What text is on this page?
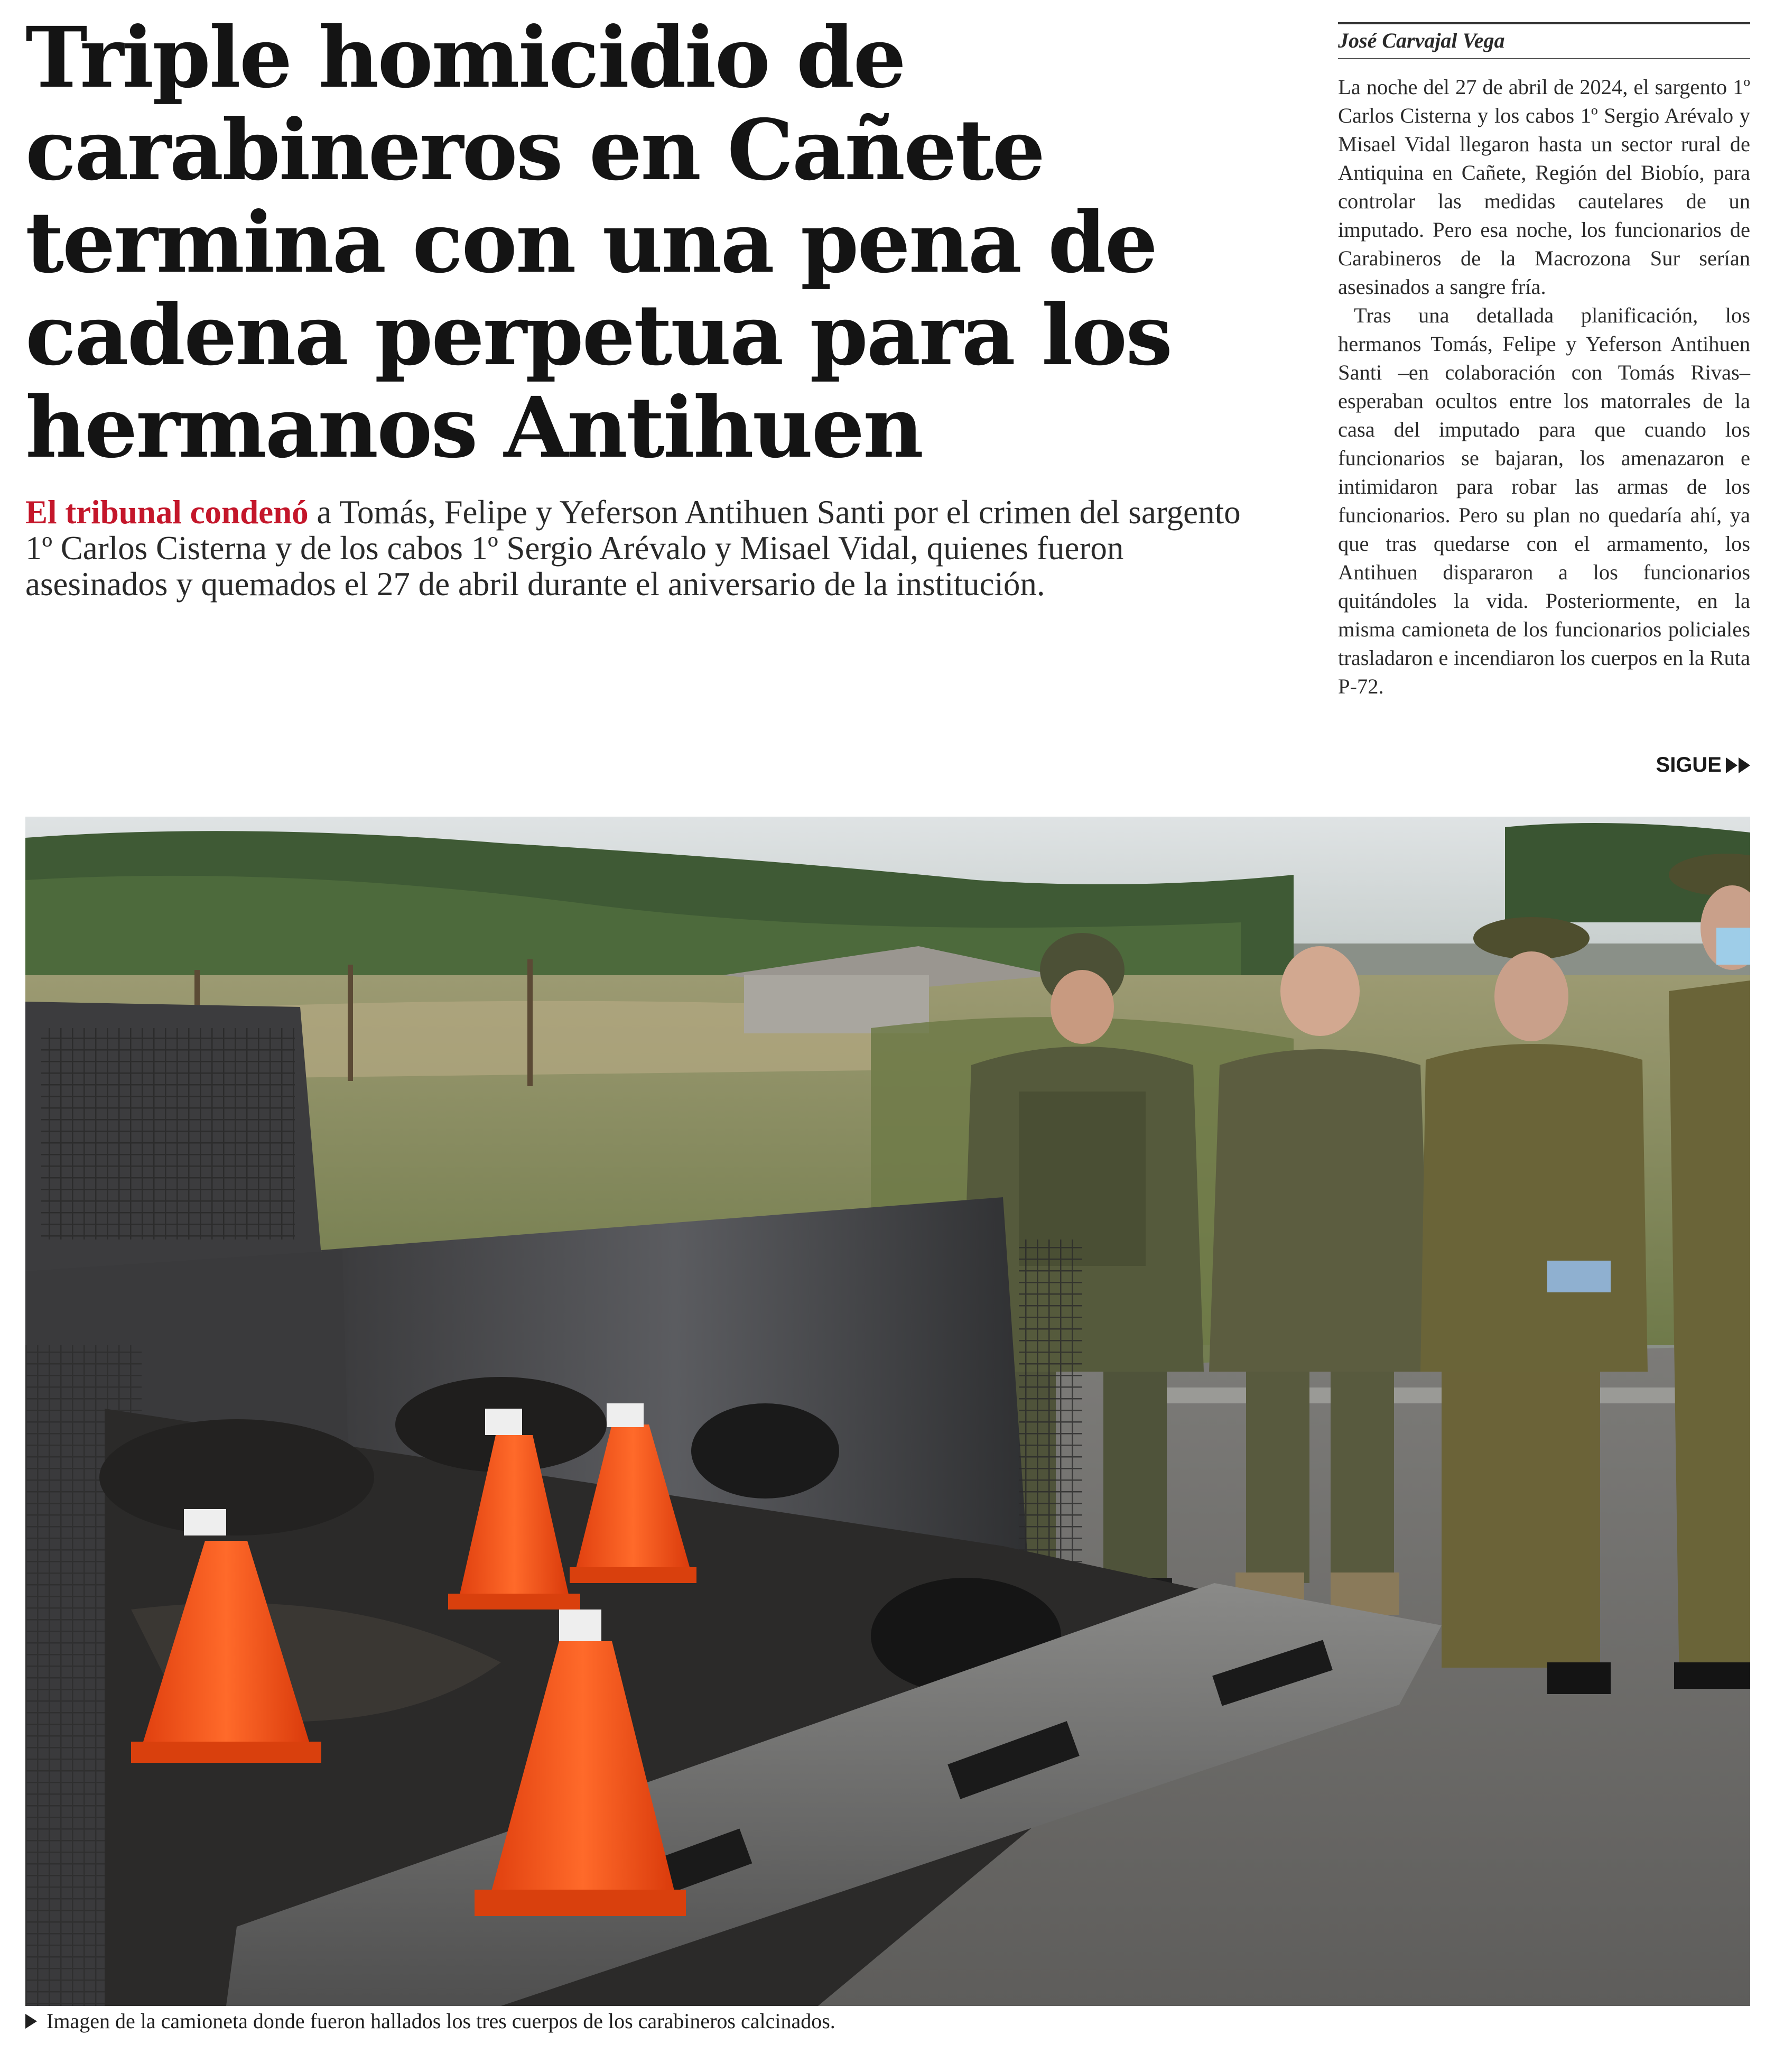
Triple homicidio de carabineros en Cañete termina con una pena de cadena perpetua para los hermanos Antihuen

El tribunal condenó a Tomás, Felipe y Yeferson Antihuen Santi por el crimen del sargento 1º Carlos Cisterna y de los cabos 1º Sergio Arévalo y Misael Vidal, quienes fueron asesinados y quemados el 27 de abril durante el aniversario de la institución.

José Carvajal Vega

La noche del 27 de abril de 2024, el sargento 1º Carlos Cisterna y los cabos 1º Sergio Arévalo y Misael Vidal llegaron hasta un sector rural de Antiquina en Cañete, Región del Biobío, para controlar las medidas cautelares de un imputado. Pero esa noche, los funcionarios de Carabineros de la Macrozona Sur serían asesinados a sangre fría.

Tras una detallada planificación, los hermanos Tomás, Felipe y Yeferson Antihuen Santi –en colaboración con Tomás Rivas– esperaban ocultos entre los matorrales de la casa del imputado para que cuando los funcionarios se bajaran, los amenazaron e intimidaron para robar las armas de los funcionarios. Pero su plan no quedaría ahí, ya que tras quedarse con el armamento, los Antihuen dispararon a los funcionarios quitándoles la vida. Posteriormente, en la misma camioneta de los funcionarios policiales trasladaron e incendiaron los cuerpos en la Ruta P-72.

SIGUE
Imagen de la camioneta donde fueron hallados los tres cuerpos de los carabineros calcinados.
